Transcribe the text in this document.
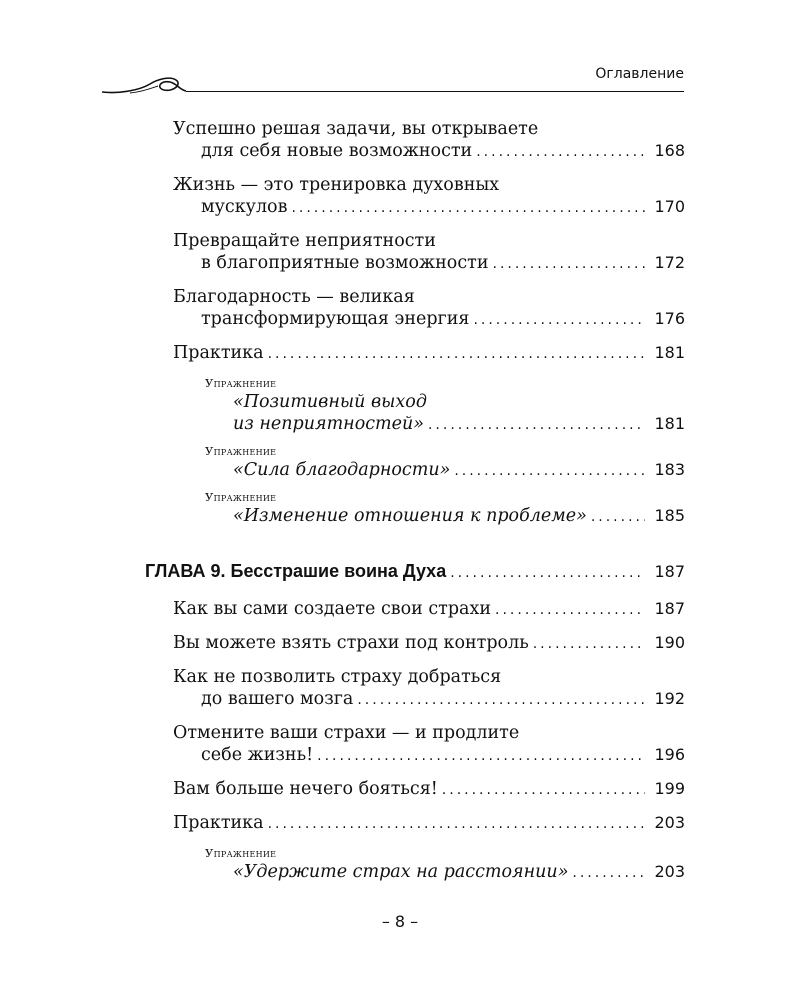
Оглавление
Успешно решая задачи, вы открываете
для себя новые возможности .....	168
Жизнь — это тренировка духовных
мускулов .....	170
Превращайте неприятности
в благоприятные возможности .....	172
Благодарность — великая
трансформирующая энергия .....	176
Практика .....	181
Упражнение
«Позитивный выход
из неприятностей» .....	181
Упражнение
«Сила благодарности» .....	183
Упражнение
«Изменение отношения к проблеме» .....	185
ГЛАВА 9. Бесстрашие воина Духа .....	187
Как вы сами создаете свои страхи .....	187
Вы можете взять страхи под контроль .....	190
Как не позволить страху добраться
до вашего мозга .....	192
Отмените ваши страхи — и продлите
себе жизнь! .....	196
Вам больше нечего бояться! .....	199
Практика .....	203
Упражнение
«Удержите страх на расстоянии» .....	203
– 8 –
